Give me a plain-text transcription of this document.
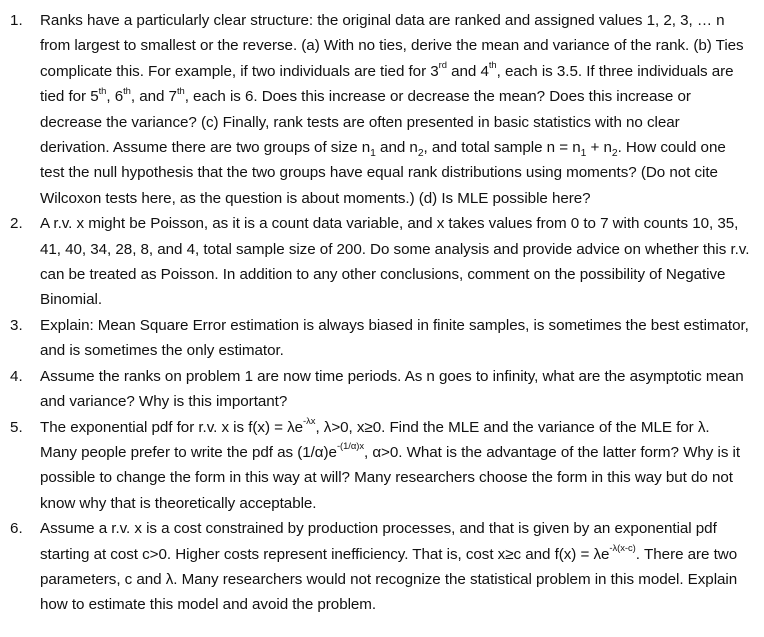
1.	Ranks have a particularly clear structure: the original data are ranked and assigned values 1, 2, 3, … n from largest to smallest or the reverse. (a) With no ties, derive the mean and variance of the rank. (b) Ties complicate this. For example, if two individuals are tied for 3rd and 4th, each is 3.5. If three individuals are tied for 5th, 6th, and 7th, each is 6. Does this increase or decrease the mean? Does this increase or decrease the variance? (c) Finally, rank tests are often presented in basic statistics with no clear derivation. Assume there are two groups of size $n_1$ and $n_2$, and total sample $n = n_1 + n_2$. How could one test the null hypothesis that the two groups have equal rank distributions using moments? (Do not cite Wilcoxon tests here, as the question is about moments.) (d) Is MLE possible here?
2.	A r.v. x might be Poisson, as it is a count data variable, and x takes values from 0 to 7 with counts 10, 35, 41, 40, 34, 28, 8, and 4, total sample size of 200. Do some analysis and provide advice on whether this r.v. can be treated as Poisson. In addition to any other conclusions, comment on the possibility of Negative Binomial.
3.	Explain: Mean Square Error estimation is always biased in finite samples, is sometimes the best estimator, and is sometimes the only estimator.
4.	Assume the ranks on problem 1 are now time periods. As n goes to infinity, what are the asymptotic mean and variance? Why is this important?
5.	The exponential pdf for r.v. x is $f(x) = \lambda e^{-\lambda x}$, λ>0, x≥0. Find the MLE and the variance of the MLE for λ. Many people prefer to write the pdf as $(1/\alpha)e^{-(1/\alpha)x}$, α>0. What is the advantage of the latter form? Why is it possible to change the form in this way at will? Many researchers choose the form in this way but do not know why that is theoretically acceptable.
6.	Assume a r.v. x is a cost constrained by production processes, and that is given by an exponential pdf starting at cost c>0. Higher costs represent inefficiency. That is, cost x≥c and $f(x) = \lambda e^{-\lambda(x-c)}$. There are two parameters, c and λ. Many researchers would not recognize the statistical problem in this model. Explain how to estimate this model and avoid the problem.
